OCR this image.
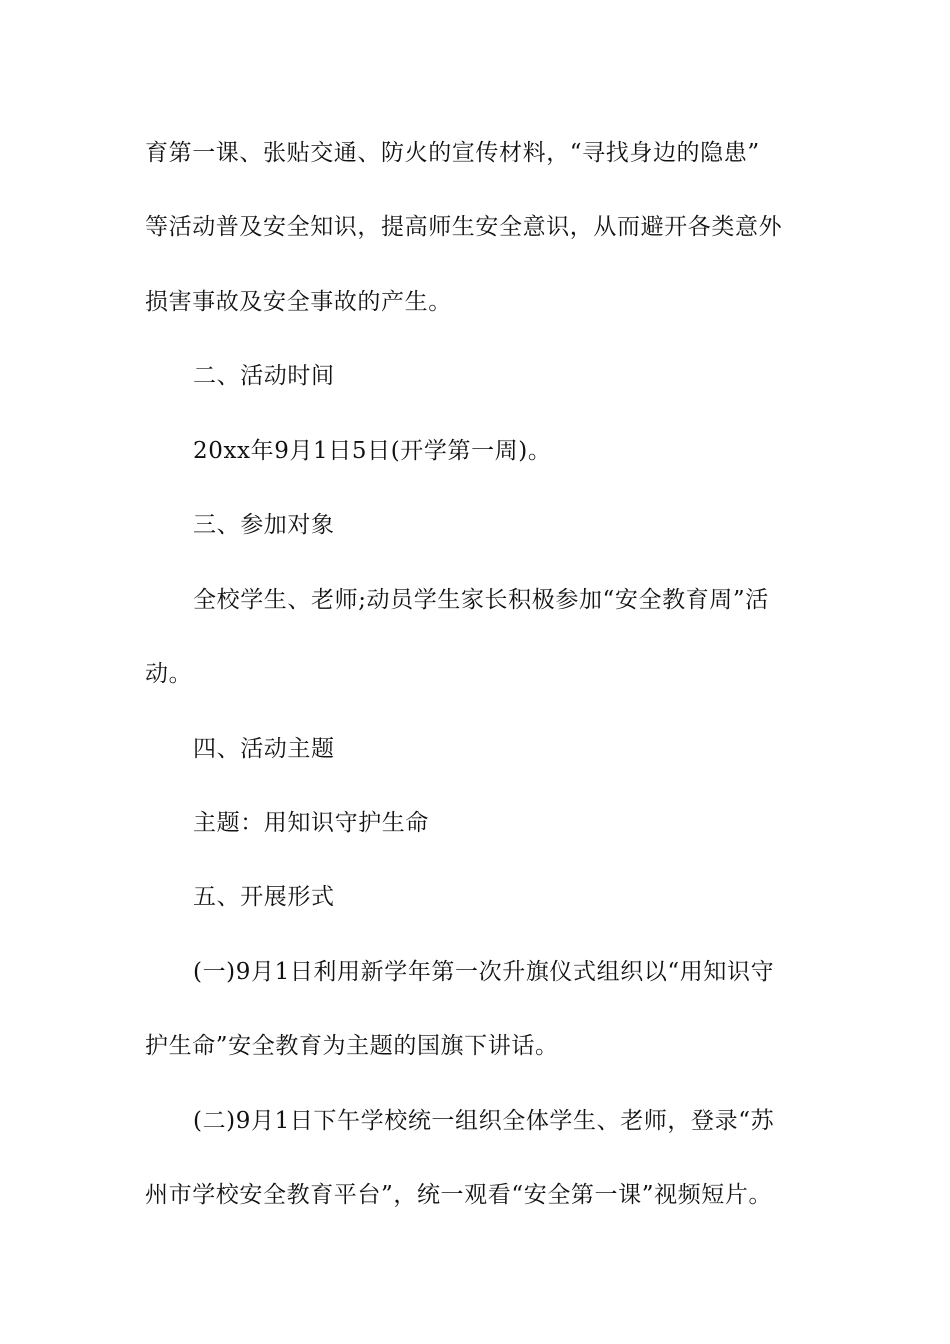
育第一课、张贴交通、防火的宣传材料，“寻找身边的隐患”
等活动普及安全知识，提高师生安全意识，从而避开各类意外
损害事故及安全事故的产生。
二、活动时间
20xx年9月1日5日(开学第一周)。
三、参加对象
全校学生、老师;动员学生家长积极参加“安全教育周”活
动。
四、活动主题
主题：用知识守护生命
五、开展形式
(一)9月1日利用新学年第一次升旗仪式组织以“用知识守
护生命”安全教育为主题的国旗下讲话。
(二)9月1日下午学校统一组织全体学生、老师，登录“苏
州市学校安全教育平台”，统一观看“安全第一课”视频短片。
